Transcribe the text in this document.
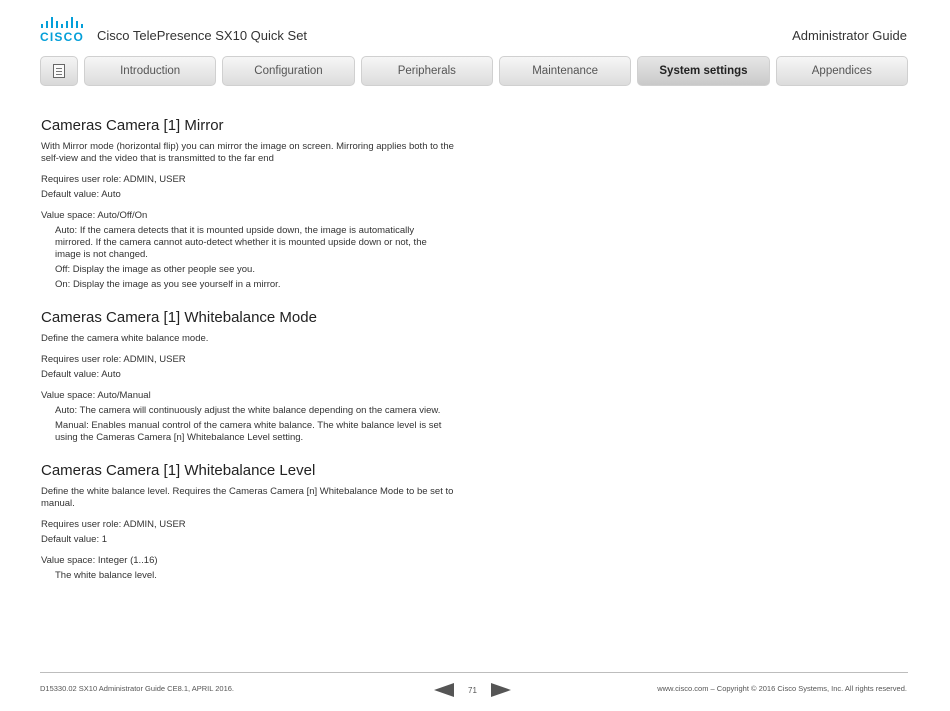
CISCO Cisco TelePresence SX10 Quick Set	Administrator Guide
Introduction	Configuration	Peripherals	Maintenance	System settings	Appendices
Cameras Camera [1] Mirror

With Mirror mode (horizontal flip) you can mirror the image on screen. Mirroring applies both to the self-view and the video that is transmitted to the far end

Requires user role: ADMIN, USER
Default value: Auto
Value space: Auto/Off/On
Auto: If the camera detects that it is mounted upside down, the image is automatically mirrored. If the camera cannot auto-detect whether it is mounted upside down or not, the image is not changed.
Off: Display the image as other people see you.
On: Display the image as you see yourself in a mirror.
Cameras Camera [1] Whitebalance Mode

Define the camera white balance mode.

Requires user role: ADMIN, USER
Default value: Auto
Value space: Auto/Manual
Auto: The camera will continuously adjust the white balance depending on the camera view.
Manual: Enables manual control of the camera white balance. The white balance level is set using the Cameras Camera [n] Whitebalance Level setting.
Cameras Camera [1] Whitebalance Level

Define the white balance level. Requires the Cameras Camera [n] Whitebalance Mode to be set to manual.

Requires user role: ADMIN, USER
Default value: 1
Value space: Integer (1..16)
The white balance level.
D15330.02 SX10 Administrator Guide CE8.1, APRIL 2016.	71	www.cisco.com – Copyright © 2016 Cisco Systems, Inc. All rights reserved.
